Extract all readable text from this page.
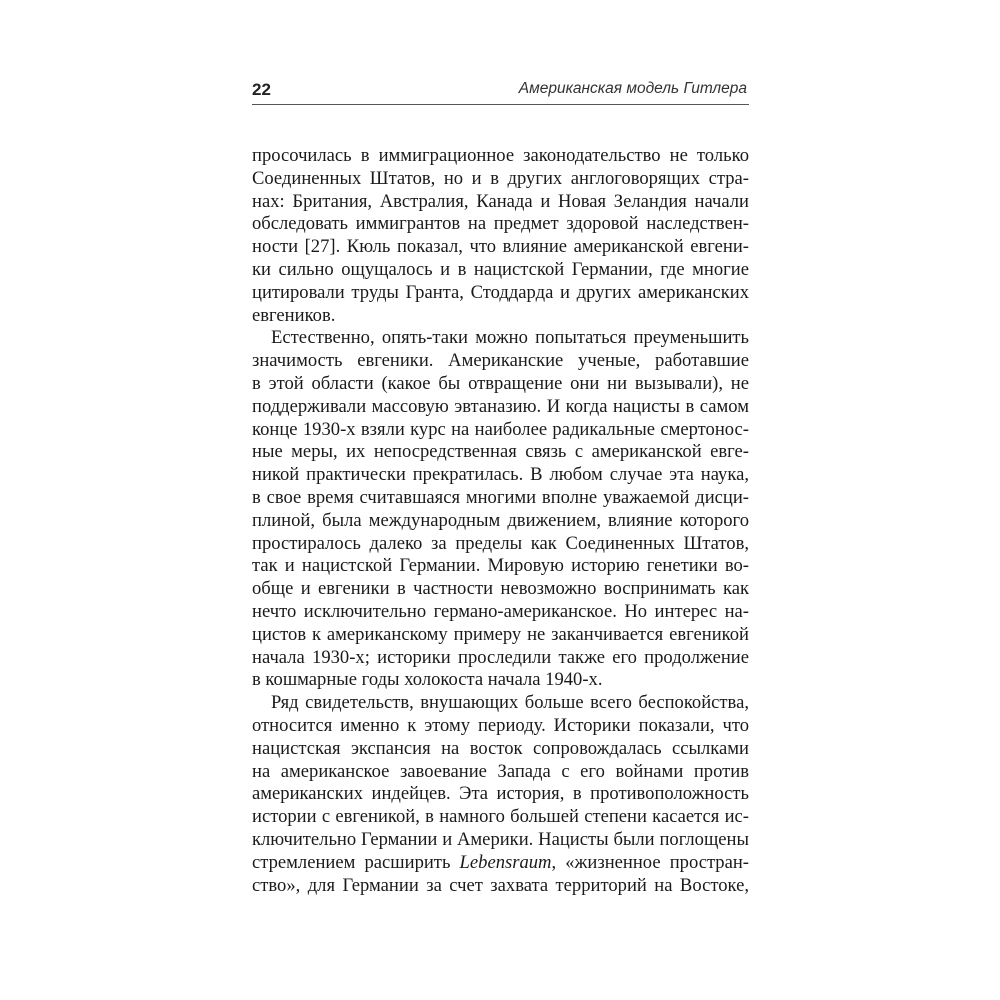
22	Американская модель Гитлера
просочилась в иммиграционное законодательство не только
Соединенных Штатов, но и в других англоговорящих стра-
нах: Британия, Австралия, Канада и Новая Зеландия начали
обследовать иммигрантов на предмет здоровой наследствен-
ности [27]. Кюль показал, что влияние американской евгени-
ки сильно ощущалось и в нацистской Германии, где многие
цитировали труды Гранта, Стоддарда и других американских
евгеников.
Естественно, опять-таки можно попытаться преуменьшить
значимость евгеники. Американские ученые, работавшие
в этой области (какое бы отвращение они ни вызывали), не
поддерживали массовую эвтаназию. И когда нацисты в самом
конце 1930-х взяли курс на наиболее радикальные смертонос-
ные меры, их непосредственная связь с американской евге-
никой практически прекратилась. В любом случае эта наука,
в свое время считавшаяся многими вполне уважаемой дисци-
плиной, была международным движением, влияние которого
простиралось далеко за пределы как Соединенных Штатов,
так и нацистской Германии. Мировую историю генетики во-
обще и евгеники в частности невозможно воспринимать как
нечто исключительно германо-американское. Но интерес на-
цистов к американскому примеру не заканчивается евгеникой
начала 1930-х; историки проследили также его продолжение
в кошмарные годы холокоста начала 1940-х.
Ряд свидетельств, внушающих больше всего беспокойства,
относится именно к этому периоду. Историки показали, что
нацистская экспансия на восток сопровождалась ссылками
на американское завоевание Запада с его войнами против
американских индейцев. Эта история, в противоположность
истории с евгеникой, в намного большей степени касается ис-
ключительно Германии и Америки. Нацисты были поглощены
стремлением расширить Lebensraum, «жизненное простран-
ство», для Германии за счет захвата территорий на Востоке,
